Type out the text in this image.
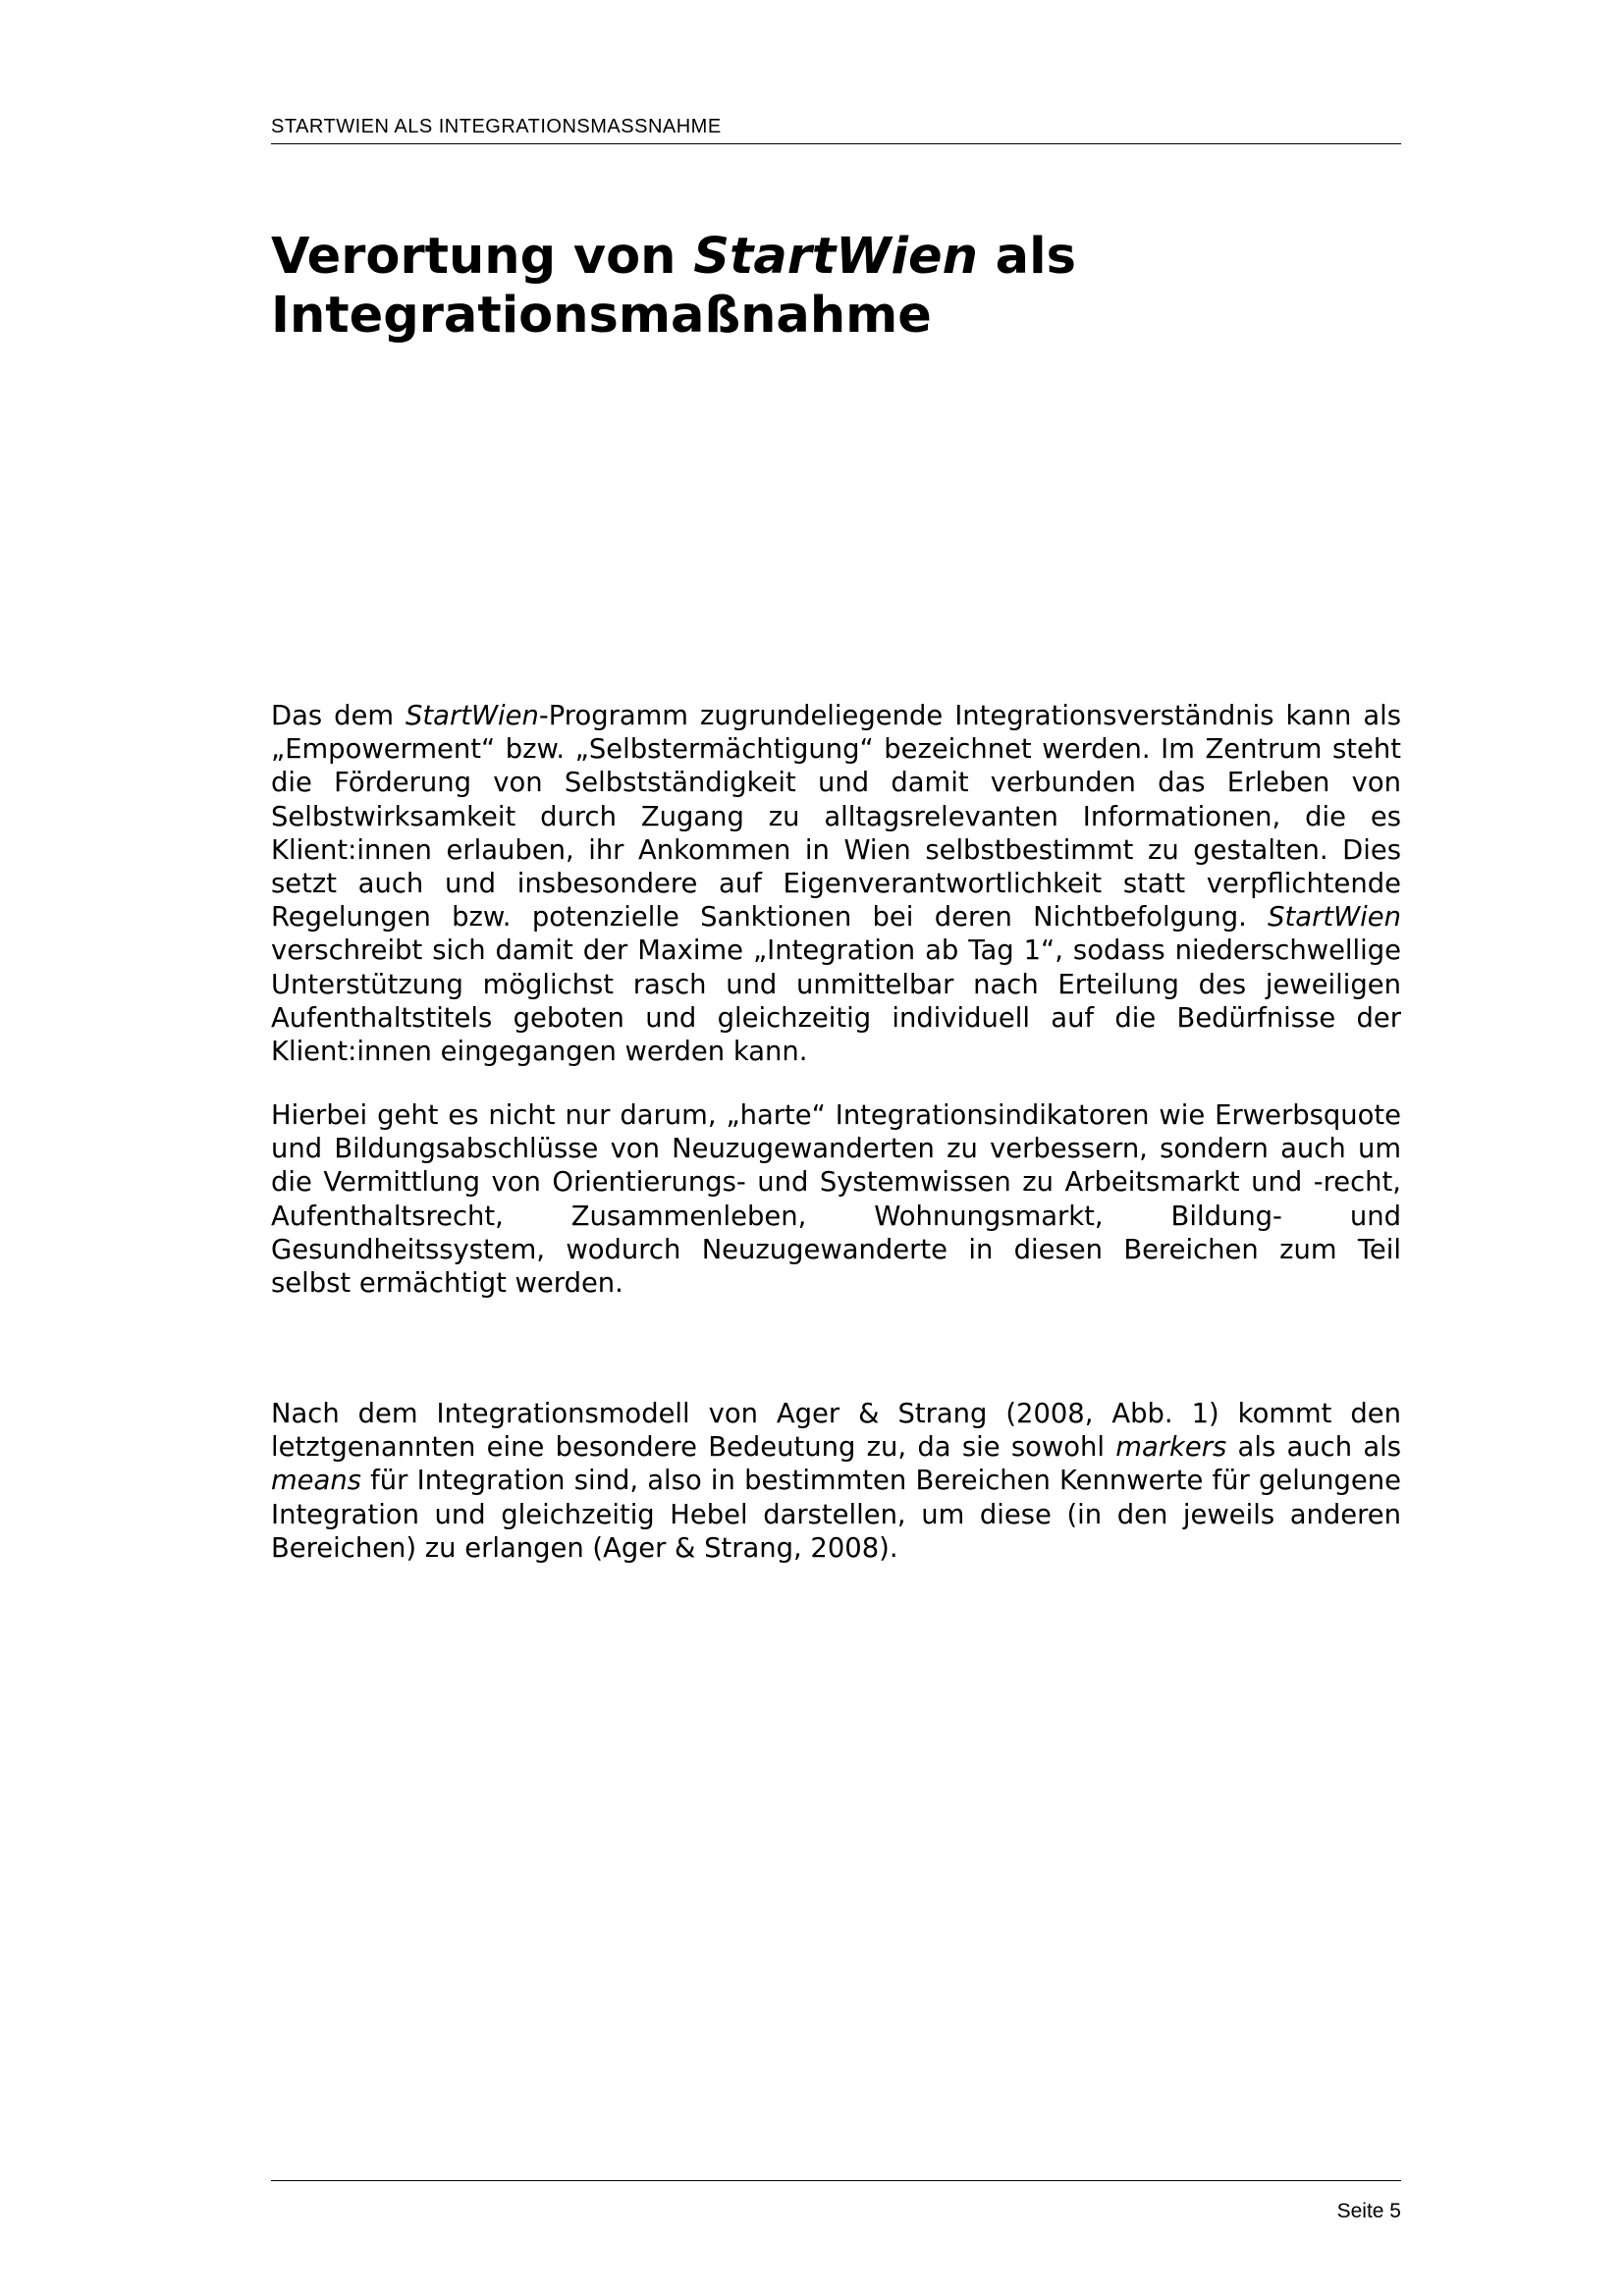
STARTWIEN ALS INTEGRATIONSMASSNAHME
Verortung von StartWien als Integrationsmaßnahme

Das dem StartWien-Programm zugrundeliegende Integrationsverständnis kann als „Empowerment“ bzw. „Selbstermächtigung“ bezeichnet werden. Im Zentrum steht die Förderung von Selbstständigkeit und damit verbunden das Erleben von Selbstwirksamkeit durch Zugang zu alltagsrelevanten Informationen, die es Klient:innen erlauben, ihr Ankommen in Wien selbstbestimmt zu gestalten. Dies setzt auch und insbesondere auf Eigenverantwortlichkeit statt verpflichtende Regelungen bzw. potenzielle Sanktionen bei deren Nichtbefolgung. StartWien verschreibt sich damit der Maxime „Integration ab Tag 1“, sodass niederschwellige Unterstützung möglichst rasch und unmittelbar nach Erteilung des jeweiligen Aufenthaltstitels geboten und gleichzeitig individuell auf die Bedürfnisse der Klient:innen eingegangen werden kann.

Hierbei geht es nicht nur darum, „harte“ Integrationsindikatoren wie Erwerbsquote und Bildungsabschlüsse von Neuzugewanderten zu verbessern, sondern auch um die Vermittlung von Orientierungs- und Systemwissen zu Arbeitsmarkt und -recht, Aufenthaltsrecht, Zusammenleben, Wohnungsmarkt, Bildung- und Gesundheitssystem, wodurch Neuzugewanderte in diesen Bereichen zum Teil selbst ermächtigt werden.

Nach dem Integrationsmodell von Ager & Strang (2008, Abb. 1) kommt den letztgenannten eine besondere Bedeutung zu, da sie sowohl markers als auch als means für Integration sind, also in bestimmten Bereichen Kennwerte für gelungene Integration und gleichzeitig Hebel darstellen, um diese (in den jeweils anderen Bereichen) zu erlangen (Ager & Strang, 2008).

Seite 5
